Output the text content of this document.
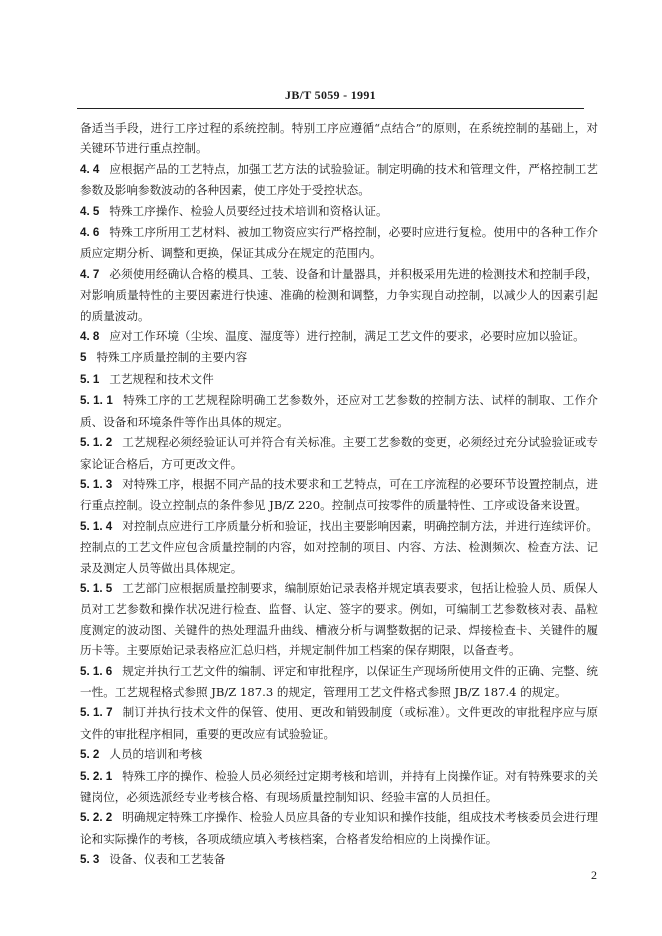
JB/T 5059 - 1991

备适当手段，进行工序过程的系统控制。特别工序应遵循“点结合”的原则，在系统控制的基础上，对关键环节进行重点控制。

4. 4 应根据产品的工艺特点，加强工艺方法的试验验证。制定明确的技术和管理文件，严格控制工艺参数及影响参数波动的各种因素，使工序处于受控状态。

4. 5 特殊工序操作、检验人员要经过技术培训和资格认证。

4. 6 特殊工序所用工艺材料、被加工物资应实行严格控制，必要时应进行复检。使用中的各种工作介质应定期分析、调整和更换，保证其成分在规定的范围内。

4. 7 必须使用经确认合格的模具、工装、设备和计量器具，并积极采用先进的检测技术和控制手段，对影响质量特性的主要因素进行快速、准确的检测和调整，力争实现自动控制，以减少人的因素引起的质量波动。

4. 8 应对工作环境（尘埃、温度、湿度等）进行控制，满足工艺文件的要求，必要时应加以验证。

5 特殊工序质量控制的主要内容

5. 1 工艺规程和技术文件

5. 1. 1 特殊工序的工艺规程除明确工艺参数外，还应对工艺参数的控制方法、试样的制取、工作介质、设备和环境条件等作出具体的规定。

5. 1. 2 工艺规程必须经验证认可并符合有关标准。主要工艺参数的变更，必须经过充分试验验证或专家论证合格后，方可更改文件。

5. 1. 3 对特殊工序，根据不同产品的技术要求和工艺特点，可在工序流程的必要环节设置控制点，进行重点控制。设立控制点的条件参见 JB/Z 220。控制点可按零件的质量特性、工序或设备来设置。

5. 1. 4 对控制点应进行工序质量分析和验证，找出主要影响因素，明确控制方法，并进行连续评价。控制点的工艺文件应包含质量控制的内容，如对控制的项目、内容、方法、检测频次、检查方法、记录及测定人员等做出具体规定。

5. 1. 5 工艺部门应根据质量控制要求，编制原始记录表格并规定填表要求，包括让检验人员、质保人员对工艺参数和操作状况进行检查、监督、认定、签字的要求。例如，可编制工艺参数核对表、晶粒度测定的波动图、关键件的热处理温升曲线、槽液分析与调整数据的记录、焊接检查卡、关键件的履历卡等。主要原始记录表格应汇总归档，并规定制件加工档案的保存期限，以备查考。

5. 1. 6 规定并执行工艺文件的编制、评定和审批程序，以保证生产现场所使用文件的正确、完整、统一性。工艺规程格式参照 JB/Z 187.3 的规定，管理用工艺文件格式参照 JB/Z 187.4 的规定。

5. 1. 7 制订并执行技术文件的保管、使用、更改和销毁制度（或标准）。文件更改的审批程序应与原文件的审批程序相同，重要的更改应有试验验证。

5. 2 人员的培训和考核

5. 2. 1 特殊工序的操作、检验人员必须经过定期考核和培训，并持有上岗操作证。对有特殊要求的关键岗位，必须选派经专业考核合格、有现场质量控制知识、经验丰富的人员担任。

5. 2. 2 明确规定特殊工序操作、检验人员应具备的专业知识和操作技能，组成技术考核委员会进行理论和实际操作的考核，各项成绩应填入考核档案，合格者发给相应的上岗操作证。

5. 3 设备、仪表和工艺装备

2
